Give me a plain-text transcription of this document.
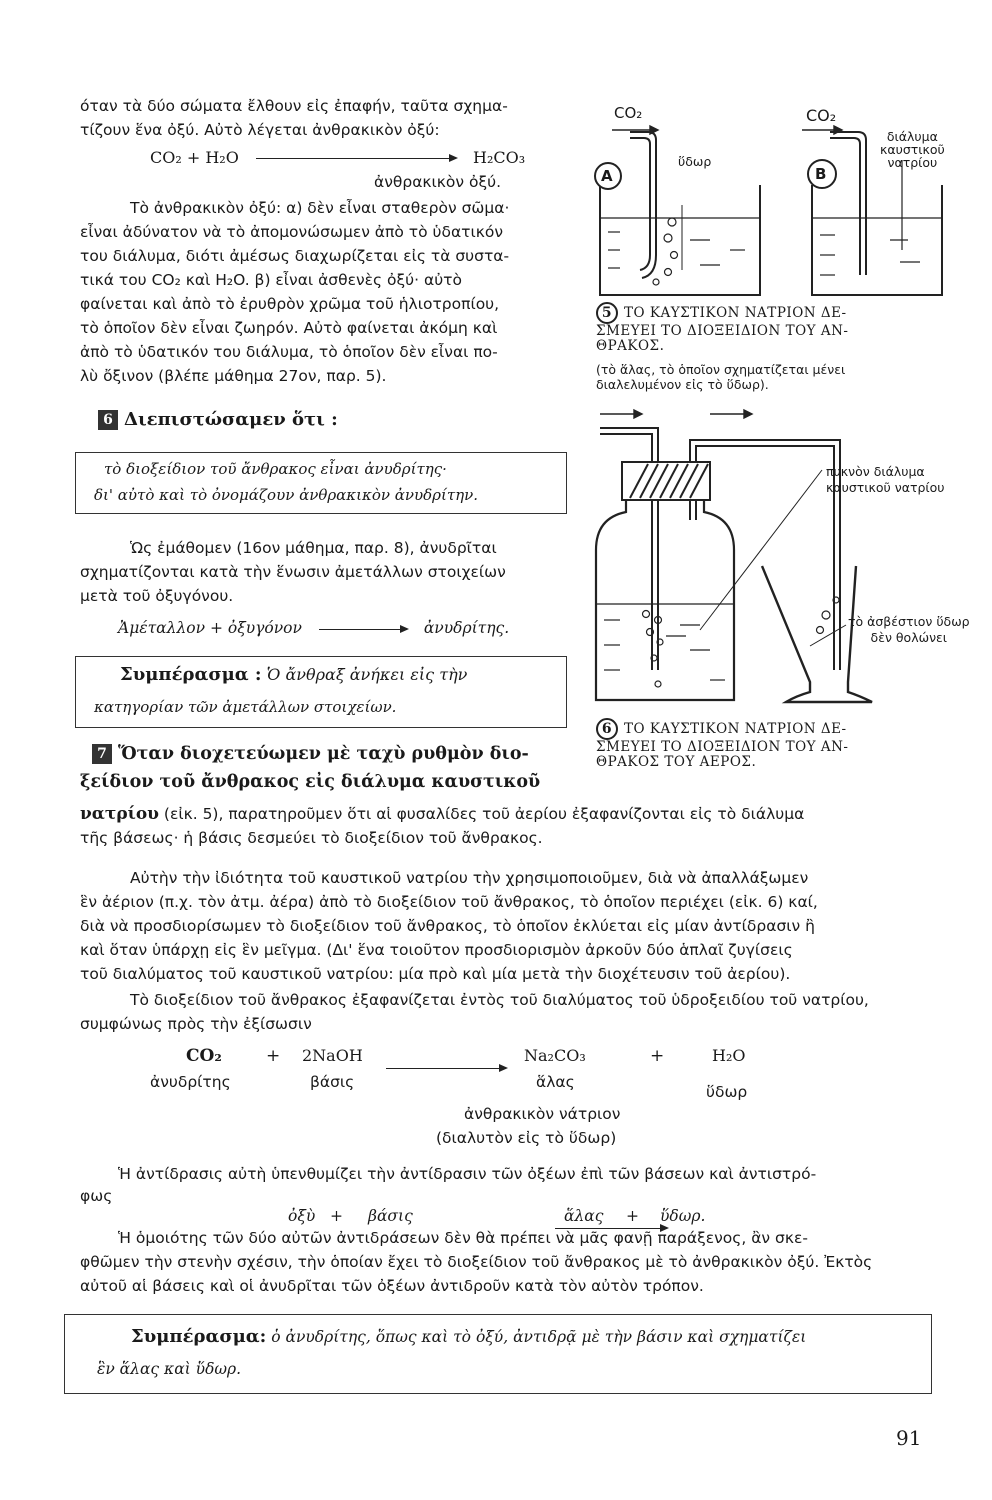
όταν τὰ δύο σώματα ἔλθουν εἰς ἐπαφήν, ταῦτα σχημα-
τίζουν ἕνα ὀξύ. Αὐτὸ λέγεται ἀνθρακικὸν ὀξύ:
CO₂ + H₂O	H₂CO₃
ἀνθρακικὸν ὀξύ.
Τὸ ἀνθρακικὸν ὀξύ: α) δὲν εἶναι σταθερὸν σῶμα·
εἶναι ἀδύνατον νὰ τὸ ἀπομονώσωμεν ἀπὸ τὸ ὑδατικόν
του διάλυμα, διότι ἀμέσως διαχωρίζεται εἰς τὰ συστα-
τικά του CO₂ καὶ H₂O. β) εἶναι ἀσθενὲς ὀξύ· αὐτὸ
φαίνεται καὶ ἀπὸ τὸ ἐρυθρὸν χρῶμα τοῦ ἡλιοτροπίου,
τὸ ὁποῖον δὲν εἶναι ζωηρόν. Αὐτὸ φαίνεται ἀκόμη καὶ
ἀπὸ τὸ ὑδατικόν του διάλυμα, τὸ ὁποῖον δὲν εἶναι πο-
λὺ ὄξινον (βλέπε μάθημα 27ον, παρ. 5).
6 Διεπιστώσαμεν ὅτι :
τὸ διοξείδιον τοῦ ἄνθρακος εἶναι ἀνυδρίτης·
δι' αὐτὸ καὶ τὸ ὀνομάζουν ἀνθρακικὸν ἀνυδρίτην.
Ὡς ἐμάθομεν (16ον μάθημα, παρ. 8), ἀνυδρῖται
σχηματίζονται κατὰ τὴν ἕνωσιν ἀμετάλλων στοιχείων
μετὰ τοῦ ὀξυγόνου.
Ἀμέταλλον + ὀξυγόνον	ἀνυδρίτης.
Συμπέρασμα : Ὁ ἄνθραξ ἀνήκει εἰς τὴν
κατηγορίαν τῶν ἀμετάλλων στοιχείων.
7 Ὅταν διοχετεύωμεν μὲ ταχὺ ρυθμὸν διο-
ξείδιον τοῦ ἄνθρακος εἰς διάλυμα καυστικοῦ
CO₂	CO₂
A	B
ὕδωρ
διάλυμα
καυστικοῦ
νατρίου
5 ΤΟ ΚΑΥΣΤΙΚΟΝ ΝΑΤΡΙΟΝ ΔΕ-
ΣΜΕΥΕΙ ΤΟ ΔΙΟΞΕΙΔΙΟΝ ΤΟΥ ΑΝ-
ΘΡΑΚΟΣ.
(τὸ ἅλας, τὸ ὁποῖον σχηματίζεται μένει
διαλελυμένον εἰς τὸ ὕδωρ).
πυκνὸν διάλυμα
καυστικοῦ νατρίου
τὸ ἀσβέστιον ὕδωρ
δὲν θολώνει
6 ΤΟ ΚΑΥΣΤΙΚΟΝ ΝΑΤΡΙΟΝ ΔΕ-
ΣΜΕΥΕΙ ΤΟ ΔΙΟΞΕΙΔΙΟΝ ΤΟΥ ΑΝ-
ΘΡΑΚΟΣ ΤΟΥ ΑΕΡΟΣ.
νατρίου (εἰκ. 5), παρατηροῦμεν ὅτι αἱ φυσαλίδες τοῦ ἀερίου ἐξαφανίζονται εἰς τὸ διάλυμα
τῆς βάσεως· ἡ βάσις δεσμεύει τὸ διοξείδιον τοῦ ἄνθρακος.
Αὐτὴν τὴν ἰδιότητα τοῦ καυστικοῦ νατρίου τὴν χρησιμοποιοῦμεν, διὰ νὰ ἀπαλλάξωμεν
ἓν ἀέριον (π.χ. τὸν ἀτμ. ἀέρα) ἀπὸ τὸ διοξείδιον τοῦ ἄνθρακος, τὸ ὁποῖον περιέχει (εἰκ. 6) καί,
διὰ νὰ προσδιορίσωμεν τὸ διοξείδιον τοῦ ἄνθρακος, τὸ ὁποῖον ἐκλύεται εἰς μίαν ἀντίδρασιν ἢ
καὶ ὅταν ὑπάρχῃ εἰς ἓν μεῖγμα. (Δι' ἕνα τοιοῦτον προσδιορισμὸν ἀρκοῦν δύο ἁπλαῖ ζυγίσεις
τοῦ διαλύματος τοῦ καυστικοῦ νατρίου: μία πρὸ καὶ μία μετὰ τὴν διοχέτευσιν τοῦ ἀερίου).
Τὸ διοξείδιον τοῦ ἄνθρακος ἐξαφανίζεται ἐντὸς τοῦ διαλύματος τοῦ ὑδροξειδίου τοῦ νατρίου,
συμφώνως πρὸς τὴν ἐξίσωσιν
CO₂	+ 2NaOH
	Na₂CO₃	+	H₂O
ἀνυδρίτης	βάσις	ἅλας
ὕδωρ
ἀνθρακικὸν νάτριον
(διαλυτὸν εἰς τὸ ὕδωρ)
Ἡ ἀντίδρασις αὐτὴ ὑπενθυμίζει τὴν ἀντίδρασιν τῶν ὀξέων ἐπὶ τῶν βάσεων καὶ ἀντιστρό-
φως
ὀξὺ + βάσις	ἅλας + ὕδωρ.
Ἡ ὁμοιότης τῶν δύο αὐτῶν ἀντιδράσεων δὲν θὰ πρέπει νὰ μᾶς φανῇ παράξενος, ἂν σκε-
φθῶμεν τὴν στενὴν σχέσιν, τὴν ὁποίαν ἔχει τὸ διοξείδιον τοῦ ἄνθρακος μὲ τὸ ἀνθρακικὸν ὀξύ. Ἐκτὸς
αὐτοῦ αἱ βάσεις καὶ οἱ ἀνυδρῖται τῶν ὀξέων ἀντιδροῦν κατὰ τὸν αὐτὸν τρόπον.
Συμπέρασμα: ὁ ἀνυδρίτης, ὅπως καὶ τὸ ὀξύ, ἀντιδρᾷ μὲ τὴν βάσιν καὶ σχηματίζει
ἓν ἅλας καὶ ὕδωρ.
91
